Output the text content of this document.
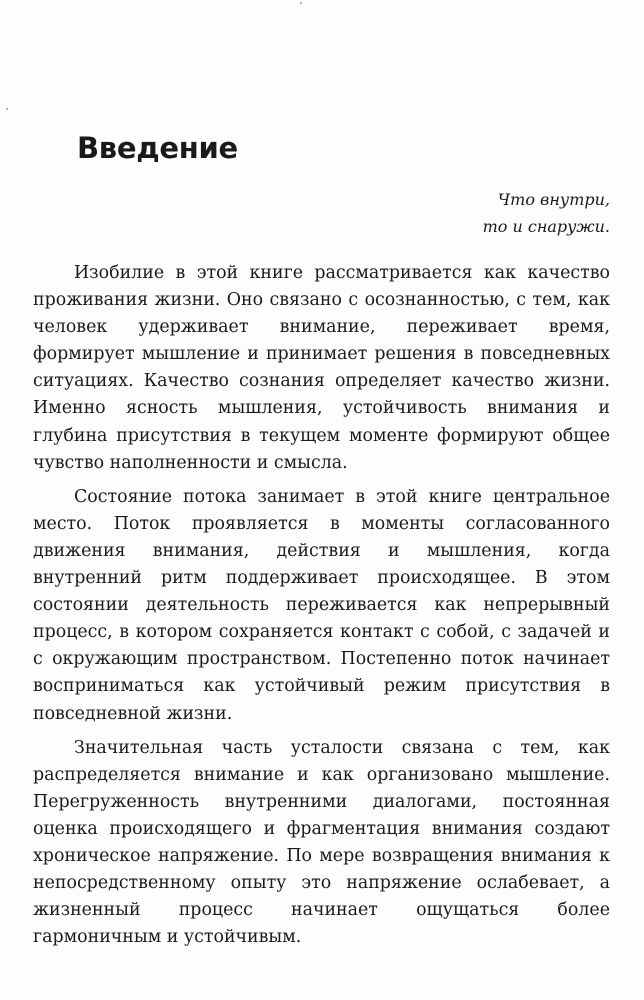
Введение
Что внутри,
то и снаружи.

Изобилие в этой книге рассматривается как качество проживания жизни. Оно связано с осознанностью, с тем, как человек удерживает внимание, переживает время, формирует мышление и принимает решения в повседневных ситуациях. Качество сознания определяет качество жизни. Именно ясность мышления, устойчивость внимания и глубина присутствия в текущем моменте формируют общее чувство наполненности и смысла.

Состояние потока занимает в этой книге центральное место. Поток проявляется в моменты согласованного движения внимания, действия и мышления, когда внутренний ритм поддерживает происходящее. В этом состоянии деятельность переживается как непрерывный процесс, в котором сохраняется контакт с собой, с задачей и с окружающим пространством. Постепенно поток начинает восприниматься как устойчивый режим присутствия в повседневной жизни.

Значительная часть усталости связана с тем, как распределяется внимание и как организовано мышление. Перегруженность внутренними диалогами, постоянная оценка происходящего и фрагментация внимания создают хроническое напряжение. По мере возвращения внимания к непосредственному опыту это напряжение ослабевает, а жизненный процесс начинает ощущаться более гармоничным и устойчивым.
